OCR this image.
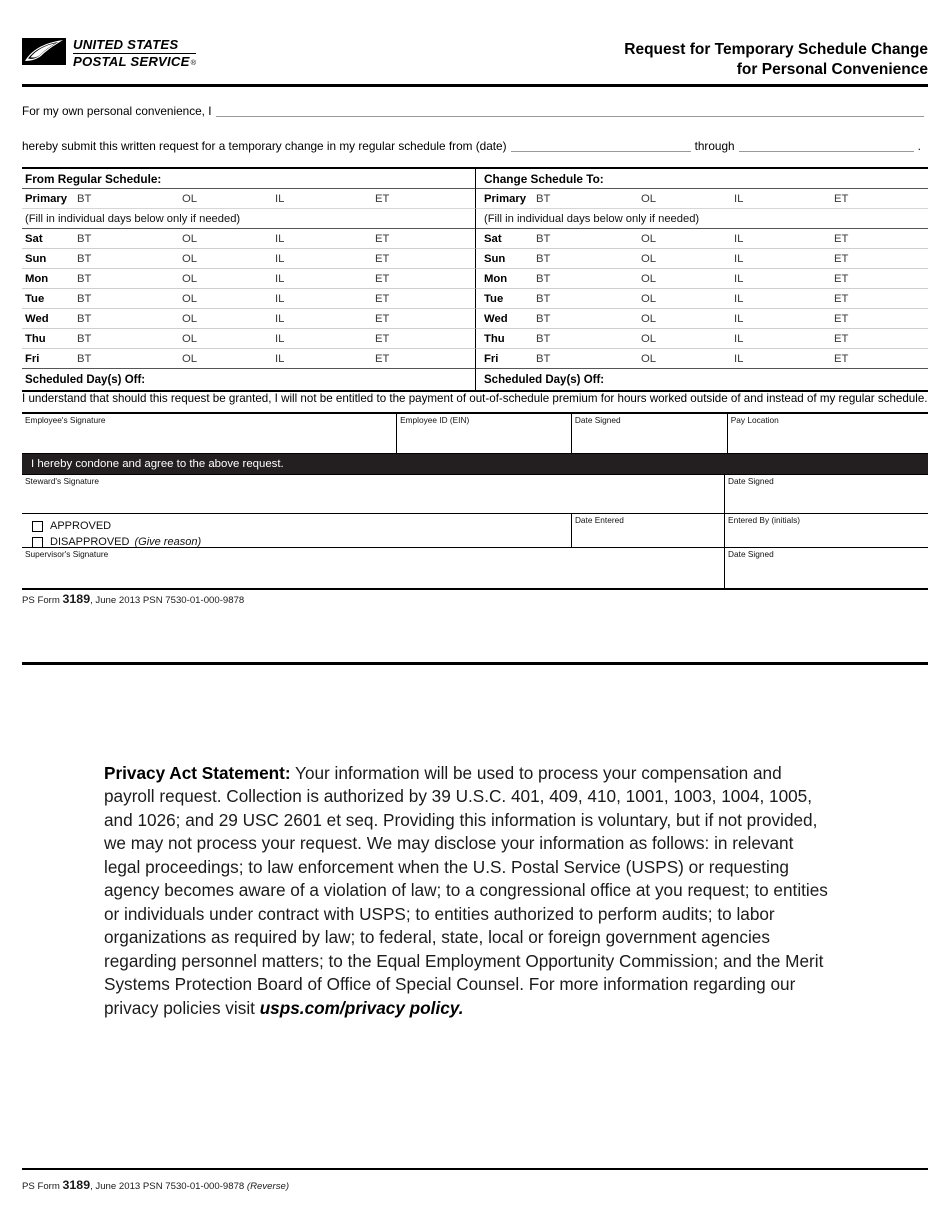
UNITED STATES
POSTAL SERVICE®
Request for Temporary Schedule Change
for Personal Convenience
For my own personal convenience, I
hereby submit this written request for a temporary change in my regular schedule from (date)	through	.
From Regular Schedule:	Change Schedule To:
Primary BT	OL	IL	ET	Primary BT	OL	IL	ET
(Fill in individual days below only if needed)	(Fill in individual days below only if needed)
Sat	BT	OL	IL	ET	Sat	BT	OL	IL	ET
Sun	BT	OL	IL	ET	Sun	BT	OL	IL	ET
Mon	BT	OL	IL	ET	Mon	BT	OL	IL	ET
Tue	BT	OL	IL	ET	Tue	BT	OL	IL	ET
Wed	BT	OL	IL	ET	Wed	BT	OL	IL	ET
Thu	BT	OL	IL	ET	Thu	BT	OL	IL	ET
Fri	BT	OL	IL	ET	Fri	BT	OL	IL	ET
Scheduled Day(s) Off:	Scheduled Day(s) Off:
I understand that should this request be granted, I will not be entitled to the payment of out-of-schedule premium for hours worked outside of and instead of my regular schedule.
Employee's Signature	Employee ID (EIN)	Date Signed	Pay Location
I hereby condone and agree to the above request.
Steward's Signature	Date Signed
APPROVED
DISAPPROVED (Give reason)
Date Entered	Entered By (initials)
Supervisor's Signature	Date Signed
PS Form 3189, June 2013 PSN 7530-01-000-9878
Privacy Act Statement: Your information will be used to process your compensation and payroll request. Collection is authorized by 39 U.S.C. 401, 409, 410, 1001, 1003, 1004, 1005, and 1026; and 29 USC 2601 et seq. Providing this information is voluntary, but if not provided, we may not process your request. We may disclose your information as follows: in relevant legal proceedings; to law enforcement when the U.S. Postal Service (USPS) or requesting agency becomes aware of a violation of law; to a congressional office at you request; to entities or individuals under contract with USPS; to entities authorized to perform audits; to labor organizations as required by law; to federal, state, local or foreign government agencies regarding personnel matters; to the Equal Employment Opportunity Commission; and the Merit Systems Protection Board of Office of Special Counsel. For more information regarding our privacy policies visit usps.com/privacy policy.
PS Form 3189, June 2013 PSN 7530-01-000-9878 (Reverse)
